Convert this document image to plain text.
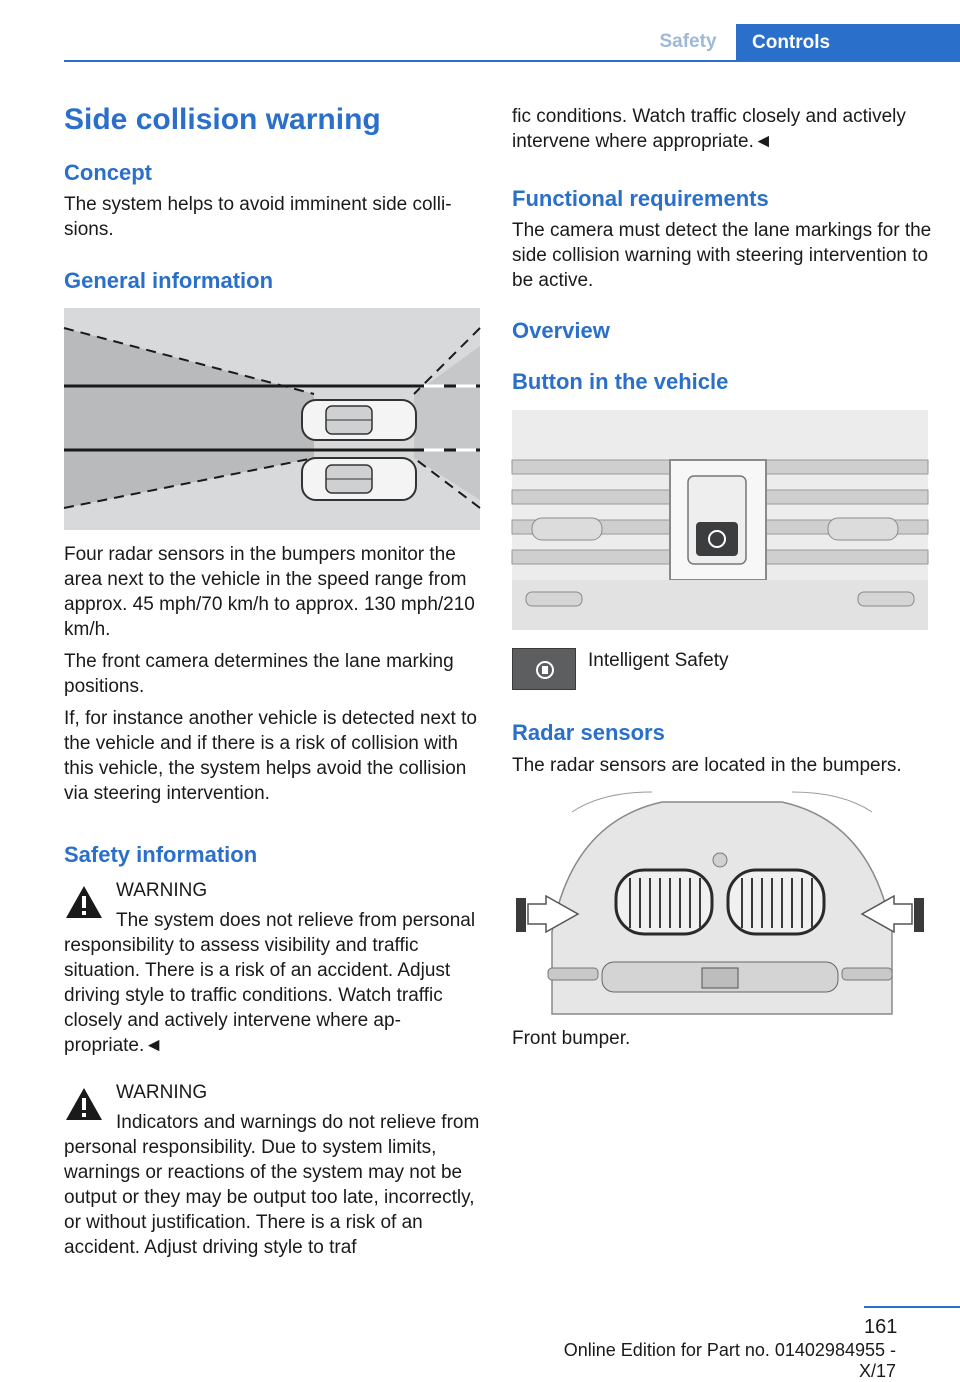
Safety	Controls
Side collision warning
Concept
The system helps to avoid imminent side collisions.
General information
Four radar sensors in the bumpers monitor the area next to the vehicle in the speed range from approx. 45 mph/70 km/h to approx. 130 mph/210 km/h.
The front camera determines the lane marking positions.
If, for instance another vehicle is detected next to the vehicle and if there is a risk of collision with this vehicle, the system helps avoid the collision via steering intervention.
Safety information
WARNING
The system does not relieve from personal responsibility to assess visibility and traffic situation. There is a risk of an accident. Adjust driving style to traffic conditions. Watch traffic closely and actively intervene where appropriate.◄
WARNING
Indicators and warnings do not relieve from personal responsibility. Due to system limits, warnings or reactions of the system may not be output or they may be output too late, incorrectly, or without justification. There is a risk of an accident. Adjust driving style to traf
fic conditions. Watch traffic closely and actively intervene where appropriate.◄
Functional requirements
The camera must detect the lane markings for the side collision warning with steering intervention to be active.
Overview
Button in the vehicle
Intelligent Safety
Radar sensors
The radar sensors are located in the bumpers.
Front bumper.
161
Online Edition for Part no. 01402984955 - X/17
